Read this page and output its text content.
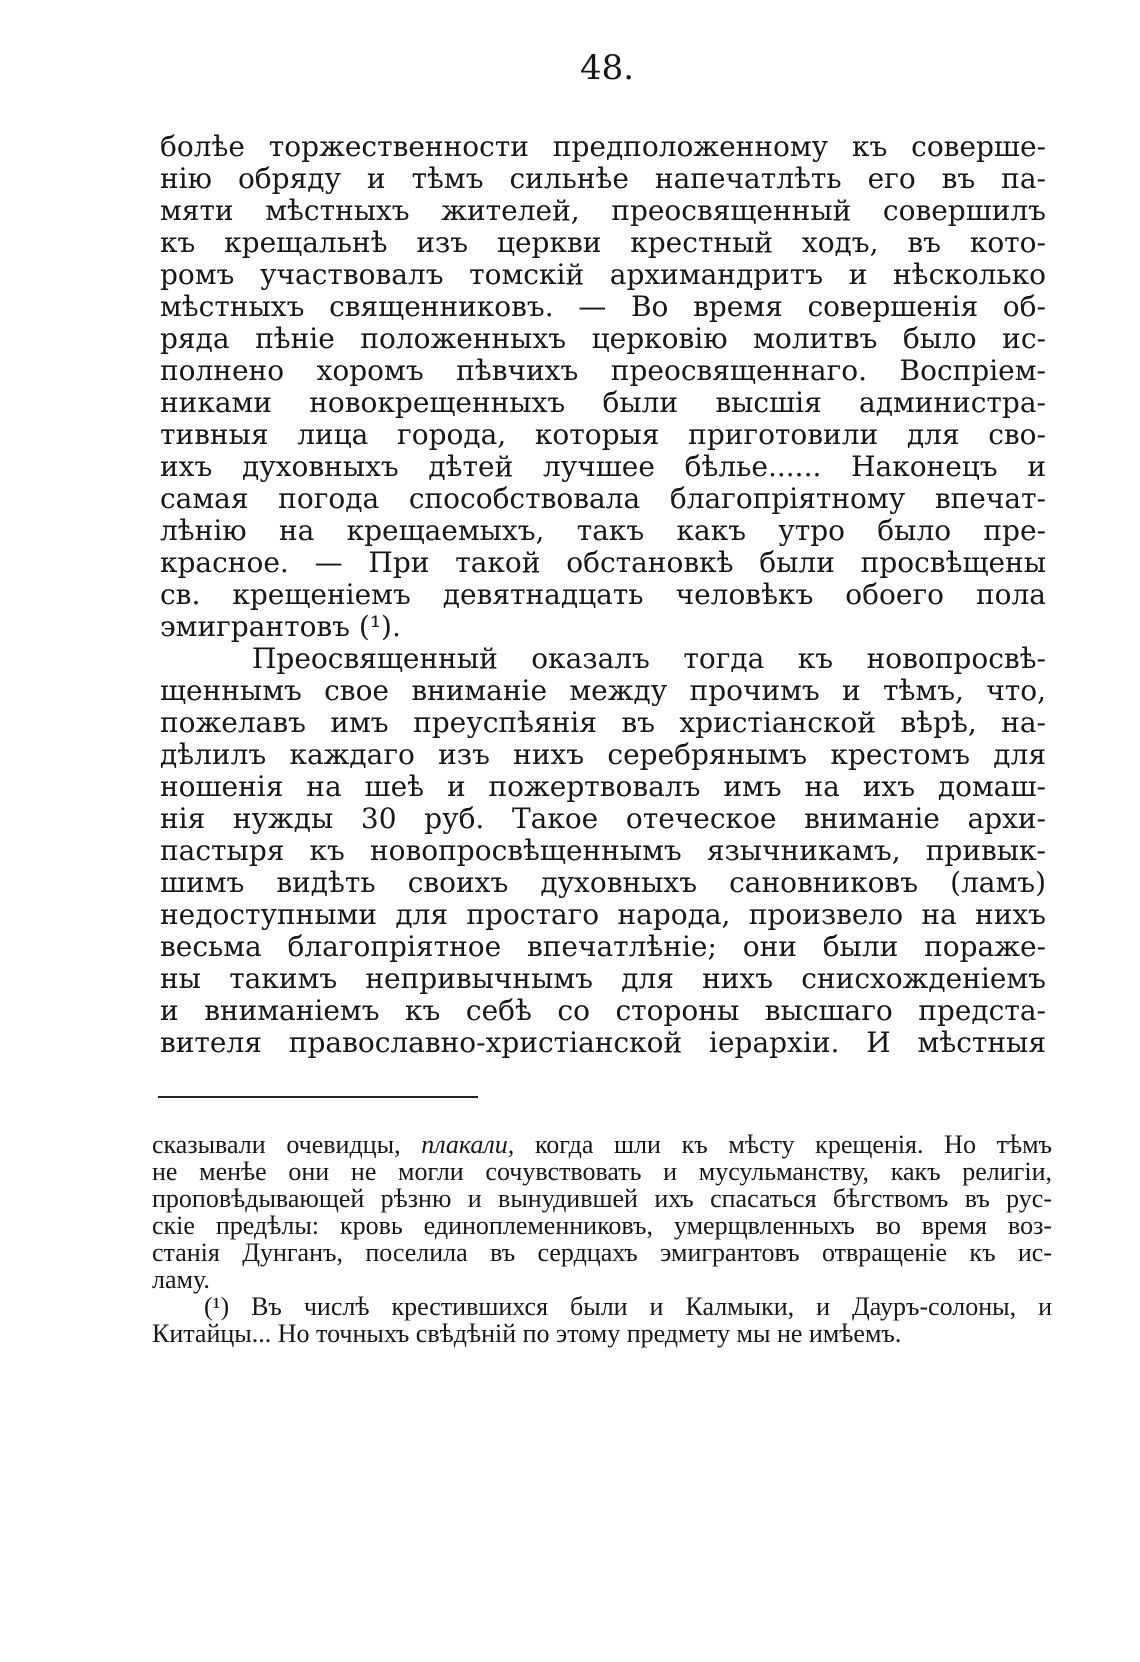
48.
болѣе торжественности предположенному къ соверше-
нію обряду и тѣмъ сильнѣе напечатлѣть его въ па-
мяти мѣстныхъ жителей, преосвященный совершилъ
къ крещальнѣ изъ церкви крестный ходъ, въ кото-
ромъ участвовалъ томскій архимандритъ и нѣсколько
мѣстныхъ священниковъ. — Во время совершенія об-
ряда пѣніе положенныхъ церковію молитвъ было ис-
полнено хоромъ пѣвчихъ преосвященнаго. Воспріем-
никами новокрещенныхъ были высшія администра-
тивныя лица города, которыя приготовили для сво-
ихъ духовныхъ дѣтей лучшее бѣлье...... Наконецъ и
самая погода способствовала благопріятному впечат-
лѣнію на крещаемыхъ, такъ какъ утро было пре-
красное. — При такой обстановкѣ были просвѣщены
св. крещеніемъ девятнадцать человѣкъ обоего пола
эмигрантовъ (¹).
Преосвященный оказалъ тогда къ новопросвѣ-
щеннымъ свое вниманіе между прочимъ и тѣмъ, что,
пожелавъ имъ преуспѣянія въ христіанской вѣрѣ, на-
дѣлилъ каждаго изъ нихъ серебрянымъ крестомъ для
ношенія на шеѣ и пожертвовалъ имъ на ихъ домаш-
нія нужды 30 руб. Такое отеческое вниманіе архи-
пастыря къ новопросвѣщеннымъ язычникамъ, привык-
шимъ видѣть своихъ духовныхъ сановниковъ (ламъ)
недоступными для простаго народа, произвело на нихъ
весьма благопріятное впечатлѣніе; они были пораже-
ны такимъ непривычнымъ для нихъ снисхожденіемъ
и вниманіемъ къ себѣ со стороны высшаго предста-
вителя православно-христіанской іерархіи. И мѣстныя
сказывали очевидцы, плакали, когда шли къ мѣсту крещенія. Но тѣмъ
не менѣе они не могли сочувствовать и мусульманству, какъ религіи,
проповѣдывающей рѣзню и вынудившей ихъ спасаться бѣгствомъ въ рус-
скіе предѣлы: кровь единоплеменниковъ, умерщвленныхъ во время воз-
станія Дунганъ, поселила въ сердцахъ эмигрантовъ отвращеніе къ ис-
ламу.
(¹) Въ числѣ крестившихся были и Калмыки, и Дауръ-солоны, и
Китайцы... Но точныхъ свѣдѣній по этому предмету мы не имѣемъ.
